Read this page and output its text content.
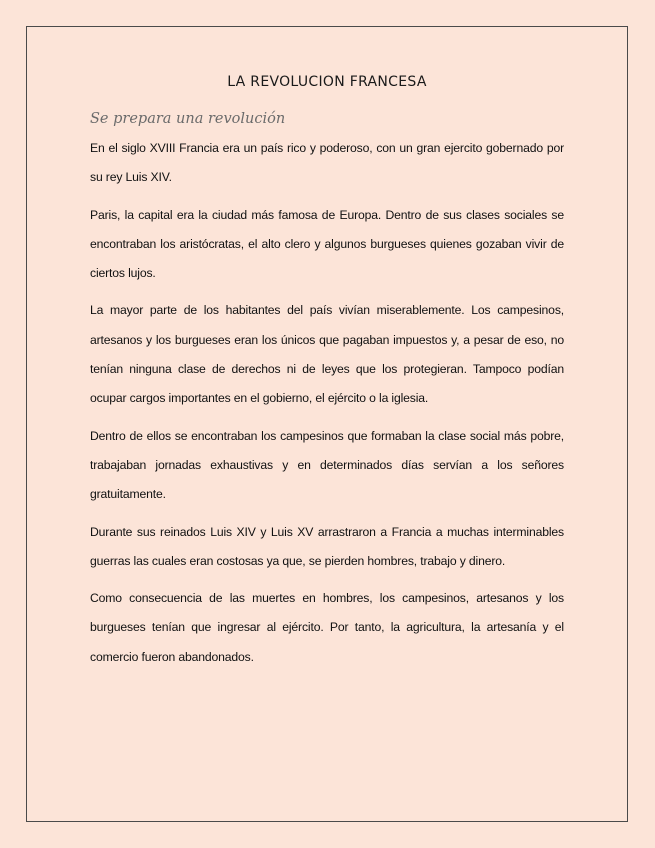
LA REVOLUCION FRANCESA
Se prepara una revolución

En el siglo XVIII Francia era un país rico y poderoso, con un gran ejercito gobernado por su rey Luis XIV.

Paris, la capital era la ciudad más famosa de Europa. Dentro de sus clases sociales se encontraban los aristócratas, el alto clero y algunos burgueses quienes gozaban vivir de ciertos lujos.

La mayor parte de los habitantes del país vivían miserablemente. Los campesinos, artesanos y los burgueses eran los únicos que pagaban impuestos y, a pesar de eso, no tenían ninguna clase de derechos ni de leyes que los protegieran. Tampoco podían ocupar cargos importantes en el gobierno, el ejército o la iglesia.

Dentro de ellos se encontraban los campesinos que formaban la clase social más pobre, trabajaban jornadas exhaustivas y en determinados días servían a los señores gratuitamente.

Durante sus reinados Luis XIV y Luis XV arrastraron a Francia a muchas interminables guerras las cuales eran costosas ya que, se pierden hombres, trabajo y dinero.

Como consecuencia de las muertes en hombres, los campesinos, artesanos y los burgueses tenían que ingresar al ejército. Por tanto, la agricultura, la artesanía y el comercio fueron abandonados.
